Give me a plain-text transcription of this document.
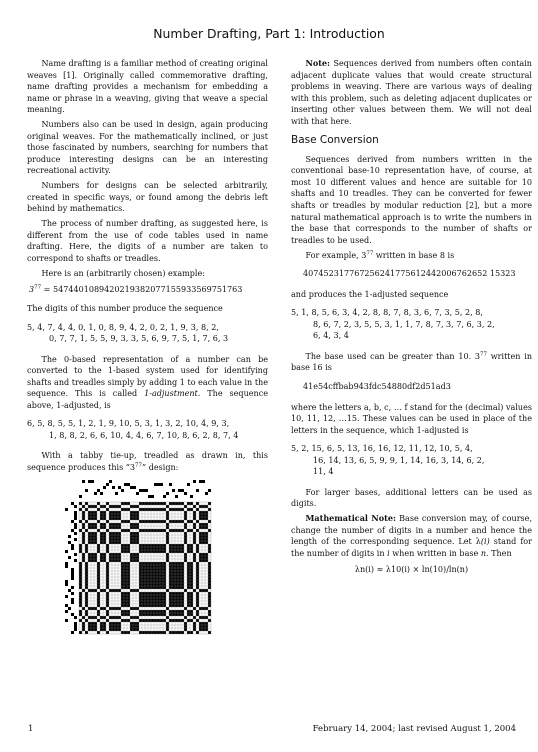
Number Drafting, Part 1: Introduction

Name drafting is a familiar method of creating original weaves [1]. Originally called commemorative drafting, name drafting provides a mechanism for embedding a name or phrase in a weaving, giving that weave a special meaning.

Numbers also can be used in design, again producing original weaves. For the mathematically inclined, or just those fascinated by numbers, searching for numbers that produce interesting designs can be an interesting recreational activity.

Numbers for designs can be selected arbitrarily, created in specific ways, or found among the debris left behind by mathematics.

The process of number drafting, as suggested here, is different from the use of code tables used in name drafting. Here, the digits of a number are taken to correspond to shafts or treadles.

Here is an (arbitrarily chosen) example:

$3^{77} = 5474401089420219382077155933569751763$

The digits of this number produce the sequence

5, 4, 7, 4, 4, 0, 1, 0, 8, 9, 4, 2, 0, 2, 1, 9, 3, 8, 2,
0, 7, 7, 1, 5, 5, 9, 3, 3, 5, 6, 9, 7, 5, 1, 7, 6, 3

The 0-based representation of a number can be converted to the 1-based system used for identifying shafts and treadles simply by adding 1 to each value in the sequence. This is called 1-adjustment. The sequence above, 1-adjusted, is

6, 5, 8, 5, 5, 1, 2, 1, 9, 10, 5, 3, 1, 3, 2, 10, 4, 9, 3,
1, 8, 8, 2, 6, 6, 10, 4, 4, 6, 7, 10, 8, 6, 2, 8, 7, 4

With a tabby tie-up, treadled as drawn in, this sequence produces this “$3^{77}$” design:

Note: Sequences derived from numbers often contain adjacent duplicate values that would create structural problems in weaving. There are various ways of dealing with this problem, such as deleting adjacent duplicates or inserting other values between them. We will not deal with that here.

Base Conversion

Sequences derived from numbers written in the conventional base-10 representation have, of course, at most 10 different values and hence are suitable for 10 shafts and 10 treadles. They can be converted for fewer shafts or treadles by modular reduction [2], but a more natural mathematical approach is to write the numbers in the base that corresponds to the number of shafts or treadles to be used.

For example, $3^{77}$ written in base 8 is

407452317767256241775612442006762652 15323

and produces the 1-adjusted sequence

5, 1, 8, 5, 6, 3, 4, 2, 8, 8, 7, 8, 3, 6, 7, 3, 5, 2, 8,
8, 6, 7, 2, 3, 5, 5, 3, 1, 1, 7, 8, 7, 3, 7, 6, 3, 2,
6, 4, 3, 4

The base used can be greater than 10. $3^{77}$ written in base 16 is

41e54cffbab943fdc54880df2d51ad3

where the letters a, b, c, … f stand for the (decimal) values 10, 11, 12, …15. These values can be used in place of the letters in the sequence, which 1-adjusted is

5, 2, 15, 6, 5, 13, 16, 16, 12, 11, 12, 10, 5, 4,
16, 14, 13, 6, 5, 9, 9, 1, 14, 16, 3, 14, 6, 2,
11, 4

For larger bases, additional letters can be used as digits.

Mathematical Note: Base conversion may, of course, change the number of digits in a number and hence the length of the corresponding sequence. Let λ(i) stand for the number of digits in i when written in base n. Then

λn(i) ≈ λ10(i) × ln(10)/ln(n)

1	February 14, 2004; last revised August 1, 2004
